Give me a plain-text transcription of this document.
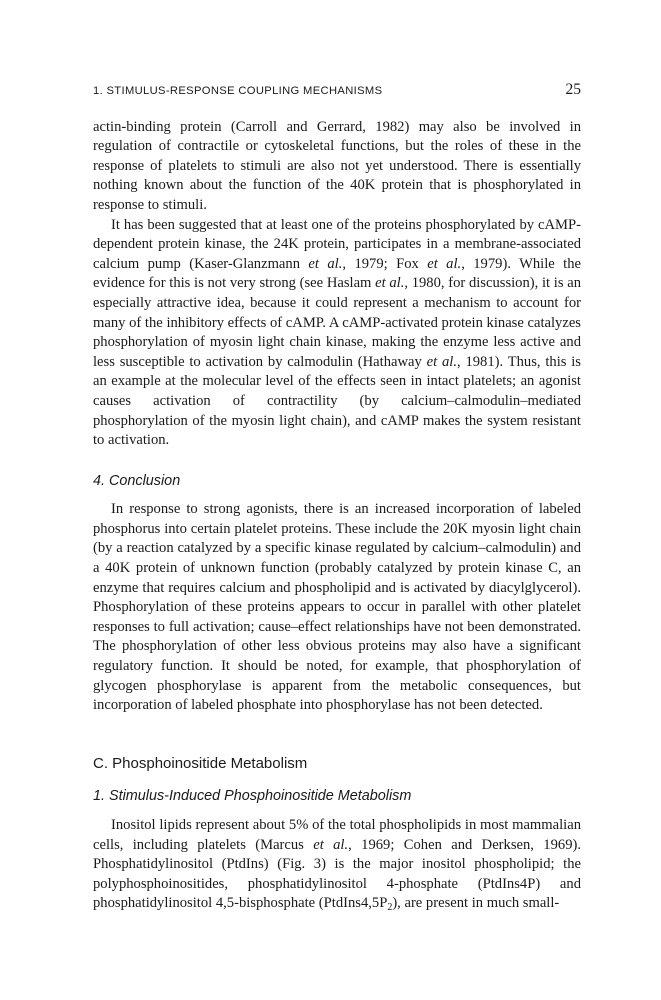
1. STIMULUS-RESPONSE COUPLING MECHANISMS	25

actin-binding protein (Carroll and Gerrard, 1982) may also be involved in regulation of contractile or cytoskeletal functions, but the roles of these in the response of platelets to stimuli are also not yet understood. There is essentially nothing known about the function of the 40K protein that is phosphorylated in response to stimuli.

It has been suggested that at least one of the proteins phosphorylated by cAMP-dependent protein kinase, the 24K protein, participates in a membrane-associated calcium pump (Kaser-Glanzmann et al., 1979; Fox et al., 1979). While the evidence for this is not very strong (see Haslam et al., 1980, for discussion), it is an especially attractive idea, because it could represent a mechanism to account for many of the inhibitory effects of cAMP. A cAMP-activated protein kinase catalyzes phosphorylation of myosin light chain kinase, making the enzyme less active and less susceptible to activation by calmodulin (Hathaway et al., 1981). Thus, this is an example at the molecular level of the effects seen in intact platelets; an agonist causes activation of contractility (by calcium–calmodulin–mediated phosphorylation of the myosin light chain), and cAMP makes the system resistant to activation.

4. Conclusion

In response to strong agonists, there is an increased incorporation of labeled phosphorus into certain platelet proteins. These include the 20K myosin light chain (by a reaction catalyzed by a specific kinase regulated by calcium–calmodulin) and a 40K protein of unknown function (probably catalyzed by protein kinase C, an enzyme that requires calcium and phospholipid and is activated by diacylglycerol). Phosphorylation of these proteins appears to occur in parallel with other platelet responses to full activation; cause–effect relationships have not been demonstrated. The phosphorylation of other less obvious proteins may also have a significant regulatory function. It should be noted, for example, that phosphorylation of glycogen phosphorylase is apparent from the metabolic consequences, but incorporation of labeled phosphate into phosphorylase has not been detected.

C. Phosphoinositide Metabolism
1. Stimulus-Induced Phosphoinositide Metabolism

Inositol lipids represent about 5% of the total phospholipids in most mammalian cells, including platelets (Marcus et al., 1969; Cohen and Derksen, 1969). Phosphatidylinositol (PtdIns) (Fig. 3) is the major inositol phospholipid; the polyphosphoinositides, phosphatidylinositol 4-phosphate (PtdIns4P) and phosphatidylinositol 4,5-bisphosphate $(PtdIns4,5P_2)$, are present in much small-
